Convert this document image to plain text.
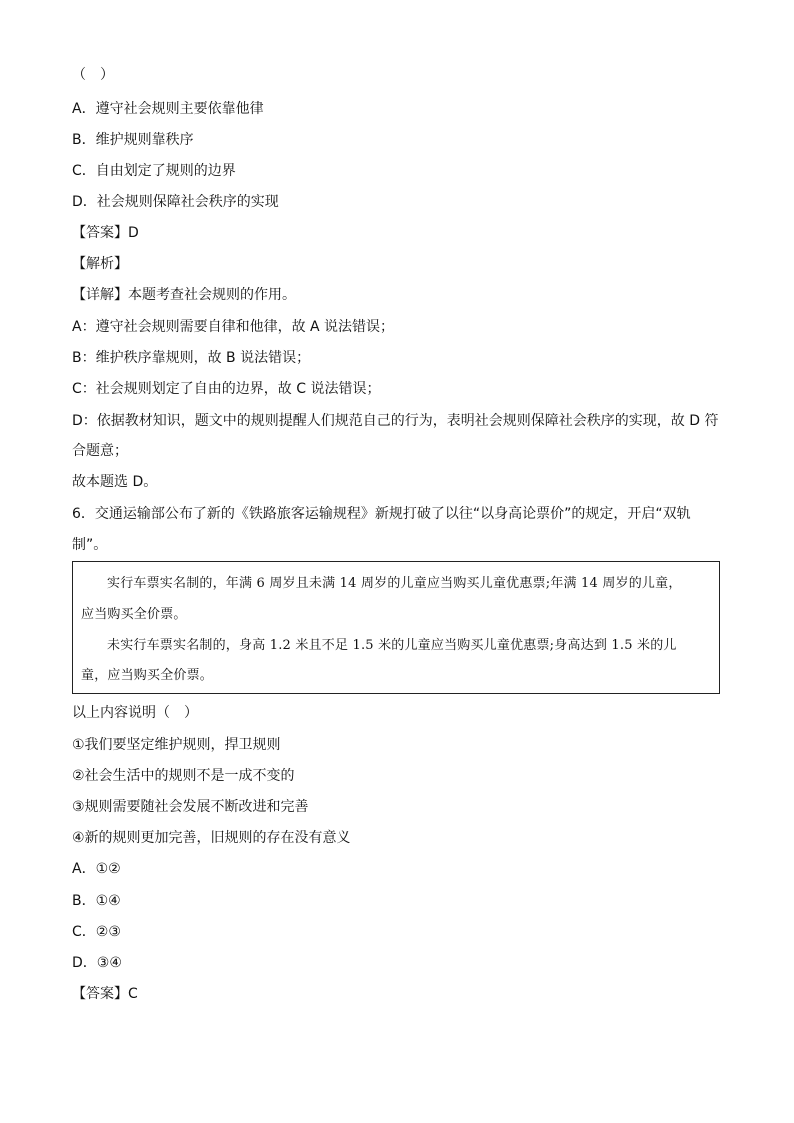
（　）
A．遵守社会规则主要依靠他律
B．维护规则靠秩序
C．自由划定了规则的边界
D．社会规则保障社会秩序的实现
【答案】D
【解析】
【详解】本题考查社会规则的作用。
A：遵守社会规则需要自律和他律，故 A 说法错误；
B：维护秩序靠规则，故 B 说法错误；
C：社会规则划定了自由的边界，故 C 说法错误；
D：依据教材知识，题文中的规则提醒人们规范自己的行为，表明社会规则保障社会秩序的实现，故 D 符
合题意；
故本题选 D。
6．交通运输部公布了新的《铁路旅客运输规程》新规打破了以往“以身高论票价”的规定，开启“双轨
制”。
实行车票实名制的，年满 6 周岁且未满 14 周岁的儿童应当购买儿童优惠票;年满 14 周岁的儿童，
应当购买全价票。
未实行车票实名制的，身高 1.2 米且不足 1.5 米的儿童应当购买儿童优惠票;身高达到 1.5 米的儿
童，应当购买全价票。
以上内容说明（　）
①我们要坚定维护规则，捍卫规则
②社会生活中的规则不是一成不变的
③规则需要随社会发展不断改进和完善
④新的规则更加完善，旧规则的存在没有意义
A．①②
B．①④
C．②③
D．③④
【答案】C
